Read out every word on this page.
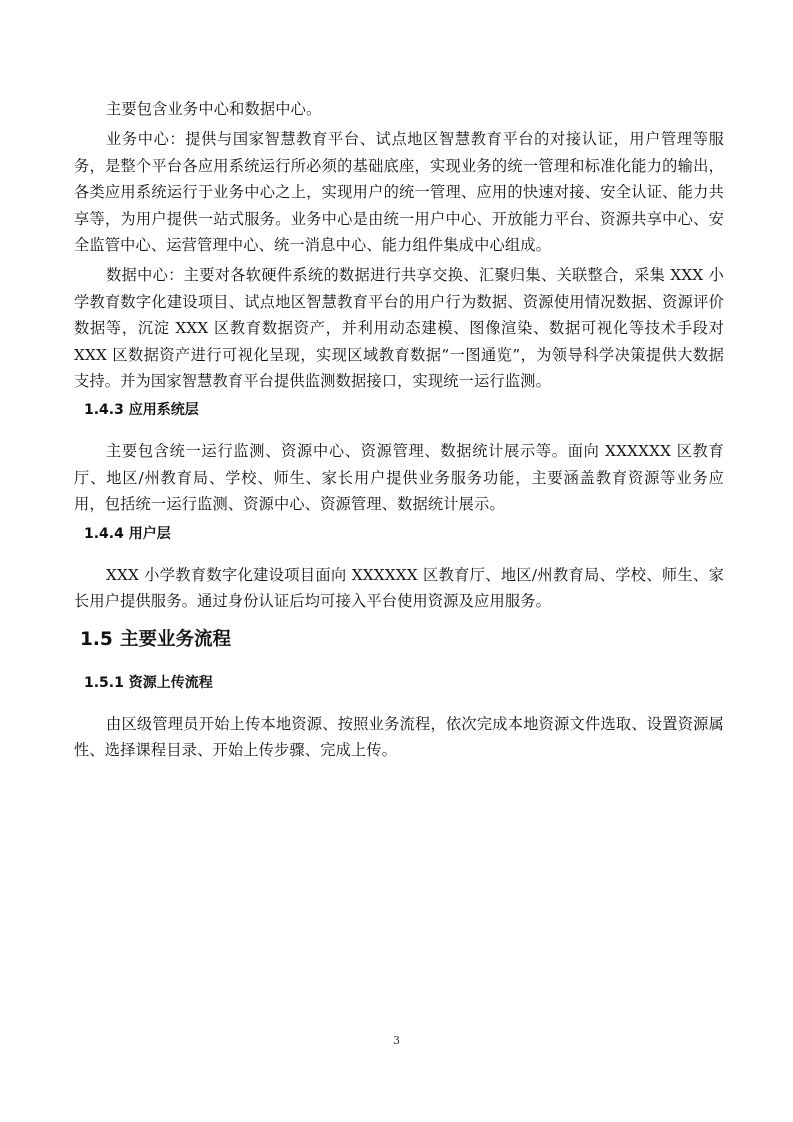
主要包含业务中心和数据中心。

业务中心：提供与国家智慧教育平台、试点地区智慧教育平台的对接认证，用户管理等服务，是整个平台各应用系统运行所必须的基础底座，实现业务的统一管理和标准化能力的输出，各类应用系统运行于业务中心之上，实现用户的统一管理、应用的快速对接、安全认证、能力共享等，为用户提供一站式服务。业务中心是由统一用户中心、开放能力平台、资源共享中心、安全监管中心、运营管理中心、统一消息中心、能力组件集成中心组成。

数据中心：主要对各软硬件系统的数据进行共享交换、汇聚归集、关联整合，采集 XXX 小学教育数字化建设项目、试点地区智慧教育平台的用户行为数据、资源使用情况数据、资源评价数据等，沉淀 XXX 区教育数据资产，并利用动态建模、图像渲染、数据可视化等技术手段对 XXX 区数据资产进行可视化呈现，实现区域教育数据“一图通览”，为领导科学决策提供大数据支持。并为国家智慧教育平台提供监测数据接口，实现统一运行监测。

1.4.3 应用系统层

主要包含统一运行监测、资源中心、资源管理、数据统计展示等。面向 XXXXXX 区教育厅、地区/州教育局、学校、师生、家长用户提供业务服务功能，主要涵盖教育资源等业务应用，包括统一运行监测、资源中心、资源管理、数据统计展示。

1.4.4 用户层

XXX 小学教育数字化建设项目面向 XXXXXX 区教育厅、地区/州教育局、学校、师生、家长用户提供服务。通过身份认证后均可接入平台使用资源及应用服务。

1.5 主要业务流程
1.5.1 资源上传流程

由区级管理员开始上传本地资源、按照业务流程，依次完成本地资源文件选取、设置资源属性、选择课程目录、开始上传步骤、完成上传。

3
